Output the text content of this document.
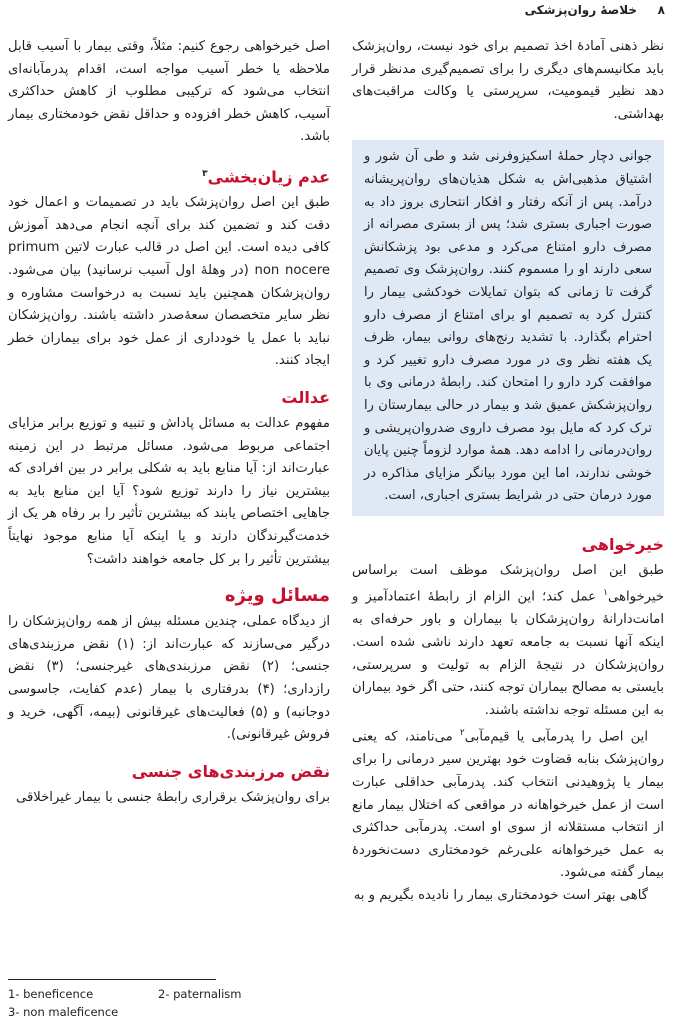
۸
خلاصهٔ روان‌پزشکی

نظر ذهنی آمادهٔ اخذ تصمیم برای خود نیست، روان‌پزشک باید مکانیسم‌های دیگری را برای تصمیم‌گیری مدنظر قرار دهد نظیر قیمومیت، سرپرستی یا وکالت مراقبت‌های بهداشتی.

جوانی دچار حملهٔ اسکیزوفرنی شد و طی آن شور و اشتیاق مذهبی‌اش به شکل هذیان‌های روان‌پریشانه درآمد. پس از آنکه رفتار و افکار انتحاری بروز داد به صورت اجباری بستری شد؛ پس از بستری مصرانه از مصرف دارو امتناع می‌کرد و مدعی بود پزشکانش سعی دارند او را مسموم کنند. روان‌پزشک وی تصمیم گرفت تا زمانی که بتوان تمایلات خودکشی بیمار را کنترل کرد به تصمیم او برای امتناع از مصرف دارو احترام بگذارد. با تشدید رنج‌های روانی بیمار، ظرف یک هفته نظر وی در مورد مصرف دارو تغییر کرد و موافقت کرد دارو را امتحان کند. رابطهٔ درمانی وی با روان‌پزشکش عمیق شد و بیمار در حالی بیمارستان را ترک کرد که مایل بود مصرف داروی ضدروان‌پریشی و روان‌درمانی را ادامه دهد. همهٔ موارد لزوماً چنین پایان خوشی ندارند، اما این مورد بیانگر مزایای مذاکره در مورد درمان حتی در شرایط بستری اجباری، است.

خیرخواهی

طبق این اصل روان‌پزشک موظف است براساس خیرخواهی$^۱$ عمل کند؛ این الزام از رابطهٔ اعتمادآمیز و امانت‌دارانهٔ روان‌پزشکان با بیماران و باور حرفه‌ای به اینکه آنها نسبت به جامعه تعهد دارند ناشی شده است. روان‌پزشکان در نتیجهٔ الزام به تولیت و سرپرستی، بایستی به مصالح بیماران توجه کنند، حتی اگر خود بیماران به این مسئله توجه نداشته باشند.

این اصل را پدرمآبی یا قیم‌مآبی$^۲$ می‌نامند، که یعنی روان‌پزشک بنابه قضاوت خود بهترین سیر درمانی را برای بیمار یا پژوهیدنی انتخاب کند. پدرمآبی حداقلی عبارت است از عمل خیرخواهانه در مواقعی که اختلال بیمار مانع از انتخاب مستقلانه از سوی او است. پدرمآبی حداکثری به عمل خیرخواهانه علی‌رغم خودمختاری دست‌نخوردهٔ بیمار گفته می‌شود.

گاهی بهتر است خودمختاری بیمار را نادیده بگیریم و به

اصل خیرخواهی رجوع کنیم: مثلاً، وقتی بیمار با آسیب قابل ملاحظه یا خطر آسیب مواجه است، اقدام پدرمآبانه‌ای انتخاب می‌شود که ترکیبی مطلوب از کاهش حداکثری آسیب، کاهش خطر افزوده و حداقل نقض خودمختاری بیمار باشد.

عدم زیان‌بخشی$^۳$

طبق این اصل روان‌پزشک باید در تصمیمات و اعمال خود دقت کند و تضمین کند برای آنچه انجام می‌دهد آموزش کافی دیده است. این اصل در قالب عبارت لاتین primum non nocere (در وهلهٔ اول آسیب نرسانید) بیان می‌شود. روان‌پزشکان همچنین باید نسبت به درخواست مشاوره و نظر سایر متخصصان سعهٔ‌صدر داشته باشند. روان‌پزشکان نباید با عمل یا خودداری از عمل خود برای بیماران خطر ایجاد کنند.

عدالت

مفهوم عدالت به مسائل پاداش و تنبیه و توزیع برابر مزایای اجتماعی مربوط می‌شود. مسائل مرتبط در این زمینه عبارت‌اند از: آیا منابع باید به شکلی برابر در بین افرادی که بیشترین نیاز را دارند توزیع شود؟ آیا این منابع باید به جاهایی اختصاص یابند که بیشترین تأثیر را بر رفاه هر یک از خدمت‌گیرندگان دارند و یا اینکه آیا منابع موجود نهایتاً بیشترین تأثیر را بر کل جامعه خواهند داشت؟

مسائل ویژه

از دیدگاه عملی، چندین مسئله بیش از همه روان‌پزشکان را درگیر می‌سازند که عبارت‌اند از: (۱) نقض مرزبندی‌های جنسی؛ (۲) نقض مرزبندی‌های غیرجنسی؛ (۳) نقض رازداری؛ (۴) بدرفتاری با بیمار (عدم کفایت، جاسوسی دوجانبه) و (۵) فعالیت‌های غیرقانونی (بیمه، آگهی، خرید و فروش غیرقانونی).

نقض مرزبندی‌های جنسی

برای روان‌پزشک برقراری رابطهٔ جنسی با بیمار غیراخلاقی

1- beneficence	2- paternalism
3- non maleficence
